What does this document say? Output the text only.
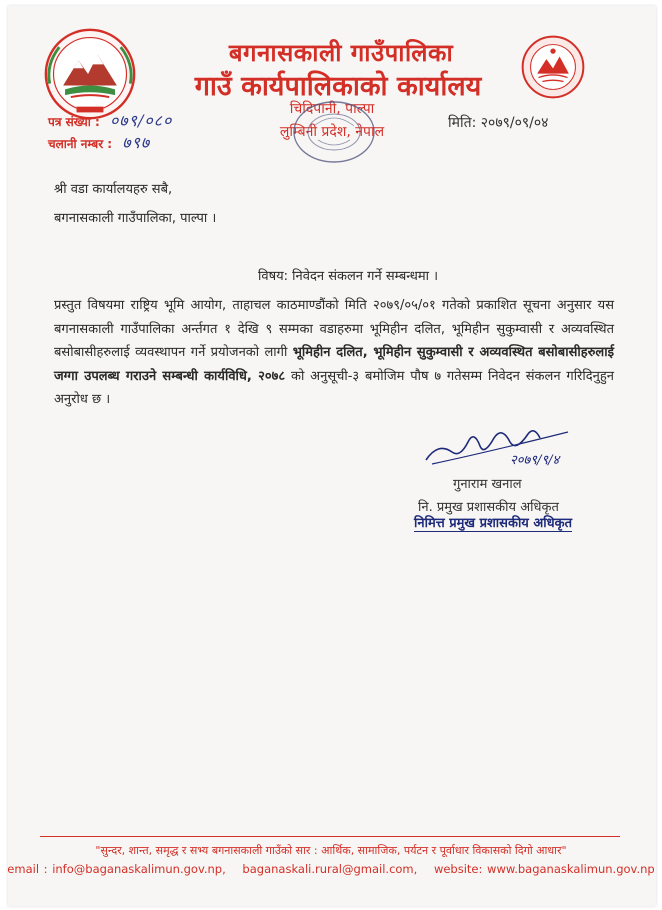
बगनासकाली गाउँपालिका
गाउँ कार्यपालिकाको कार्यालय
चिदिपानी, पाल्पा
लुम्बिनी प्रदेश, नेपाल
पत्र संख्या : ०७९/०८०
चलानी नम्बर : ७९७
मिति: २०७९/०९/०४
श्री वडा कार्यालयहरु सबै,
बगनासकाली गाउँपालिका, पाल्पा ।
विषय: निवेदन संकलन गर्ने सम्बन्धमा ।

प्रस्तुत विषयमा राष्ट्रिय भूमि आयोग, ताहाचल काठमाण्डौंको मिति २०७९/०५/०१ गतेको प्रकाशित सूचना अनुसार यस बगनासकाली गाउँपालिका अर्न्तगत १ देखि ९ सम्मका वडाहरुमा भूमिहीन दलित, भूमिहीन सुकुम्वासी र अव्यवस्थित बसोबासीहरुलाई व्यवस्थापन गर्ने प्रयोजनको लागी भूमिहीन दलित, भूमिहीन सुकुम्वासी र अव्यवस्थित बसोबासीहरुलाई जग्गा उपलब्ध गराउने सम्बन्धी कार्यविधि, २०७८ को अनुसूची-३ बमोजिम पौष ७ गतेसम्म निवेदन संकलन गरिदिनुहुन अनुरोध छ ।

२०७९/९/४
गुनाराम खनाल
नि. प्रमुख प्रशासकीय अधिकृत
निमित्त प्रमुख प्रशासकीय अधिकृत
"सुन्दर, शान्त, समृद्ध र सभ्य बगनासकाली गाउँको सार : आर्थिक, सामाजिक, पर्यटन र पूर्वाधार विकासको दिगो आधार"
email : info@baganaskalimun.gov.np, baganaskali.rural@gmail.com, website: www.baganaskalimun.gov.np
